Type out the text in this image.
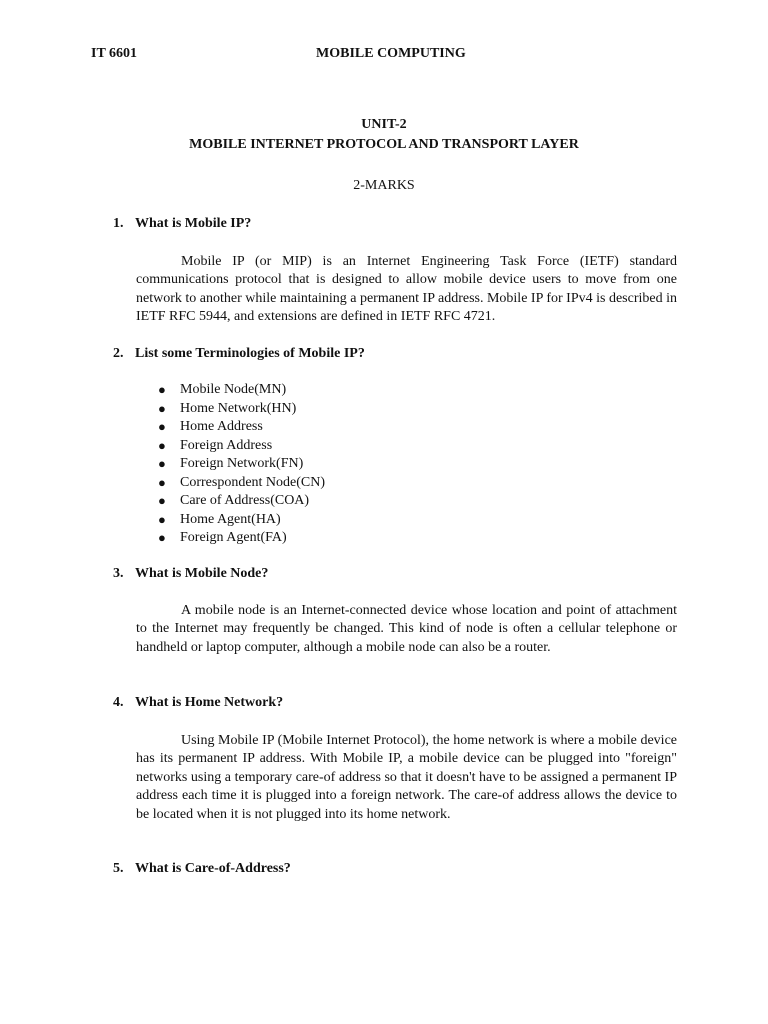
IT 6601	MOBILE COMPUTING
UNIT-2
MOBILE INTERNET PROTOCOL AND TRANSPORT LAYER
2-MARKS
1. What is Mobile IP?

Mobile IP (or MIP) is an Internet Engineering Task Force (IETF) standard communications protocol that is designed to allow mobile device users to move from one network to another while maintaining a permanent IP address. Mobile IP for IPv4 is described in IETF RFC 5944, and extensions are defined in IETF RFC 4721.

2. List some Terminologies of Mobile IP?
● Mobile Node(MN)
● Home Network(HN)
● Home Address
● Foreign Address
● Foreign Network(FN)
● Correspondent Node(CN)
● Care of Address(COA)
● Home Agent(HA)
● Foreign Agent(FA)
3. What is Mobile Node?

A mobile node is an Internet-connected device whose location and point of attachment to the Internet may frequently be changed. This kind of node is often a cellular telephone or handheld or laptop computer, although a mobile node can also be a router.

4. What is Home Network?

Using Mobile IP (Mobile Internet Protocol), the home network is where a mobile device has its permanent IP address. With Mobile IP, a mobile device can be plugged into "foreign" networks using a temporary care-of address so that it doesn't have to be assigned a permanent IP address each time it is plugged into a foreign network. The care-of address allows the device to be located when it is not plugged into its home network.

5. What is Care-of-Address?
